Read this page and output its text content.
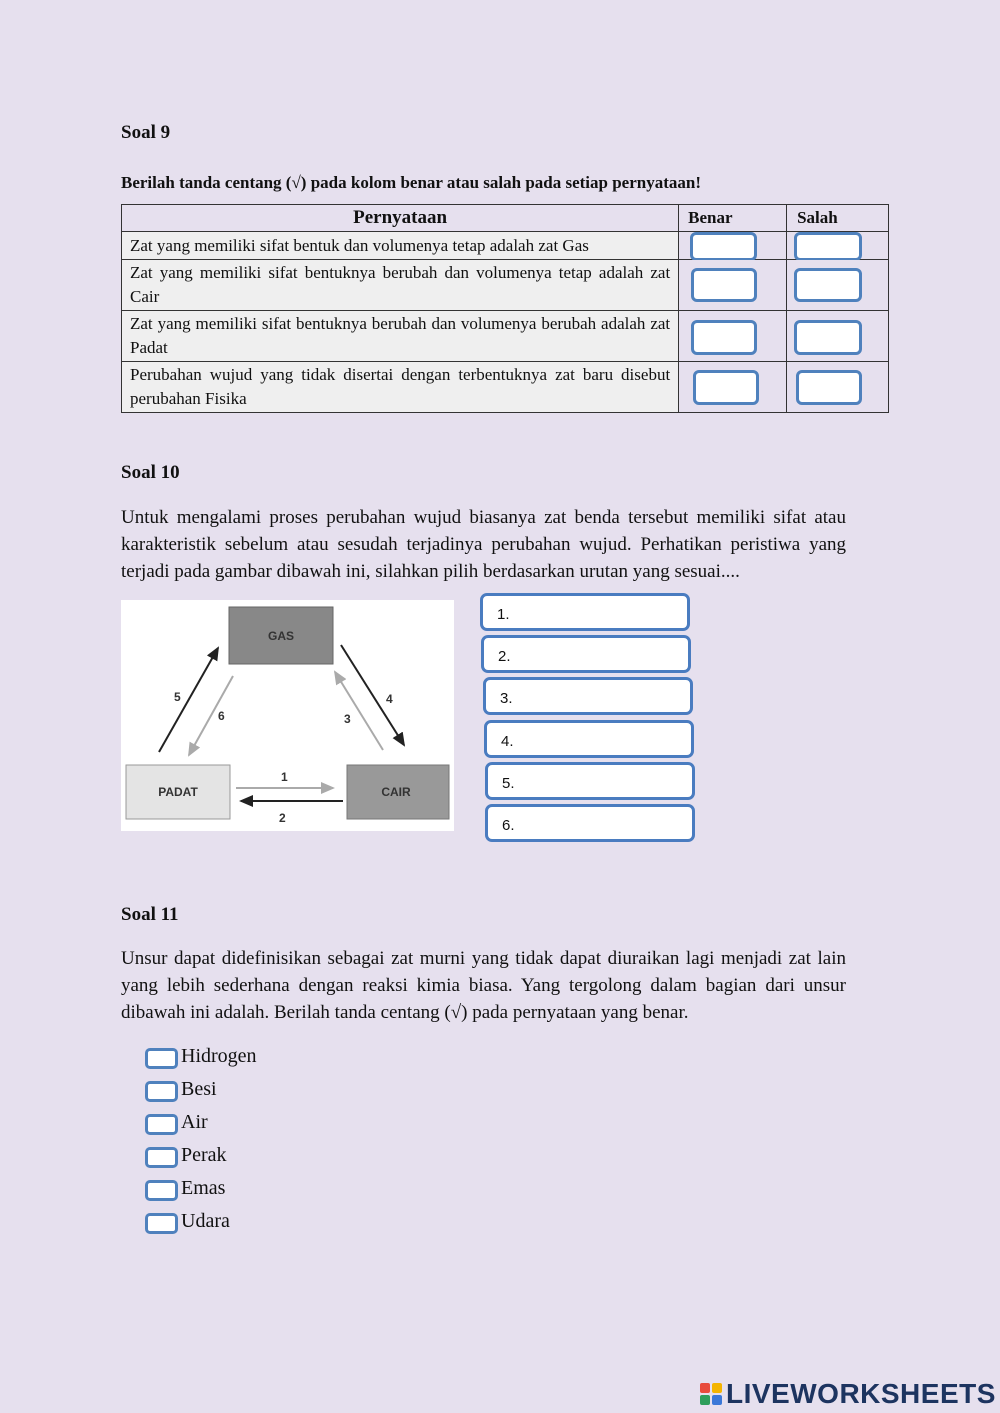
Soal 9
Berilah tanda centang (√) pada kolom benar atau salah pada setiap pernyataan!
Pernyataan	Benar	Salah
Zat yang memiliki sifat bentuk dan volumenya tetap adalah zat Gas	

Zat yang memiliki sifat bentuknya berubah dan volumenya tetap adalah zat Cair	

Zat yang memiliki sifat bentuknya berubah dan volumenya berubah adalah zat Padat	

Perubahan wujud yang tidak disertai dengan terbentuknya zat baru disebut perubahan Fisika	

Soal 10
Untuk mengalami proses perubahan wujud biasanya zat benda tersebut memiliki sifat atau karakteristik sebelum atau sesudah terjadinya perubahan wujud. Perhatikan peristiwa yang terjadi pada gambar dibawah ini, silahkan pilih berdasarkan urutan yang sesuai....
GAS
PADAT	CAIR
1
2
3
4
5
6
1.
2.
3.
4.
5.
6.
Soal 11
Unsur dapat didefinisikan sebagai zat murni yang tidak dapat diuraikan lagi menjadi zat lain yang lebih sederhana dengan reaksi kimia biasa. Yang tergolong dalam bagian dari unsur dibawah ini adalah. Berilah tanda centang (√) pada pernyataan yang benar.
Hidrogen
Besi
Air
Perak
Emas
Udara
LIVEWORKSHEETS
